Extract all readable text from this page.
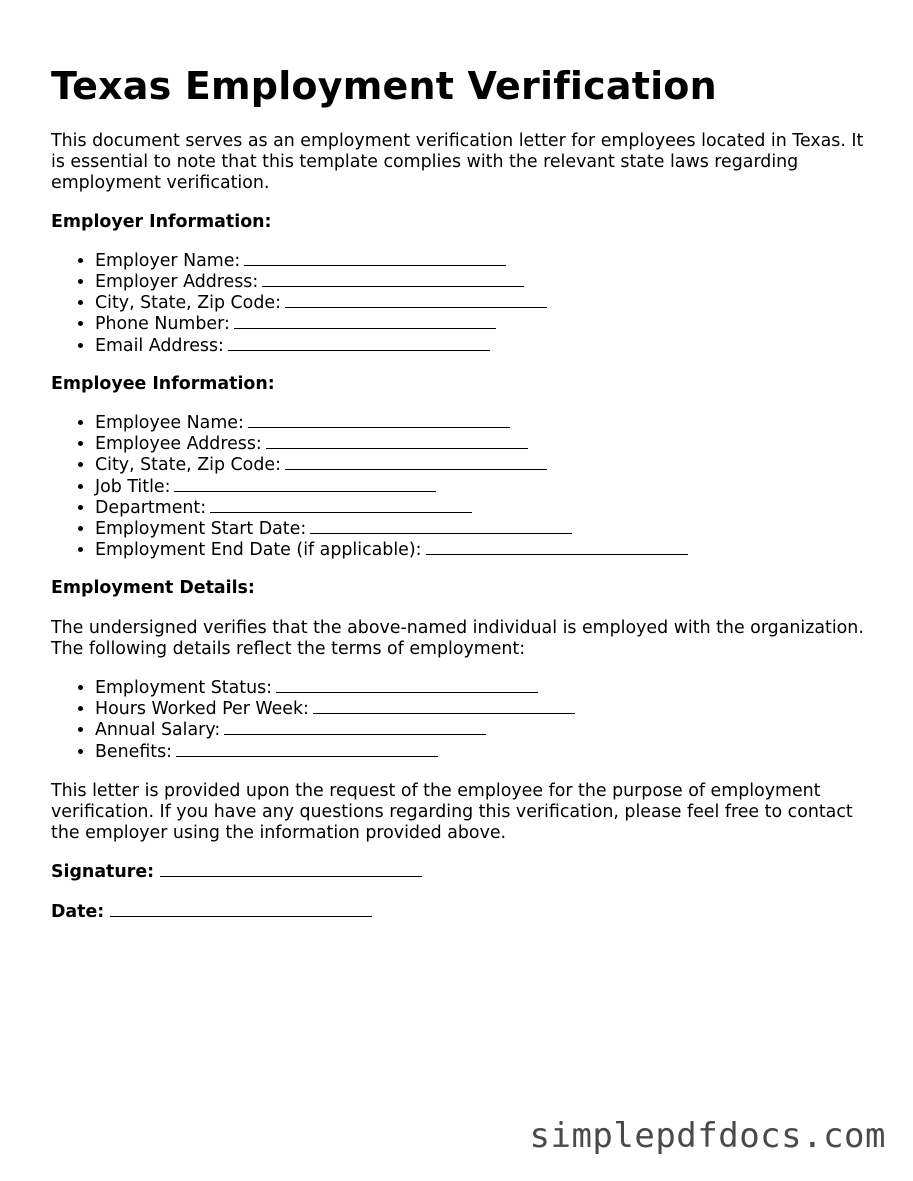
Texas Employment Verification

This document serves as an employment verification letter for employees located in Texas. It is essential to note that this template complies with the relevant state laws regarding employment verification.

Employer Information:

• Employer Name:
• Employer Address:
• City, State, Zip Code:
• Phone Number:
• Email Address:

Employee Information:

• Employee Name:
• Employee Address:
• City, State, Zip Code:
• Job Title:
• Department:
• Employment Start Date:
• Employment End Date (if applicable):

Employment Details:

The undersigned verifies that the above-named individual is employed with the organization. The following details reflect the terms of employment:

• Employment Status:
• Hours Worked Per Week:
• Annual Salary:
• Benefits:

This letter is provided upon the request of the employee for the purpose of employment verification. If you have any questions regarding this verification, please feel free to contact the employer using the information provided above.

Signature:

Date:

simplepdfdocs.com
